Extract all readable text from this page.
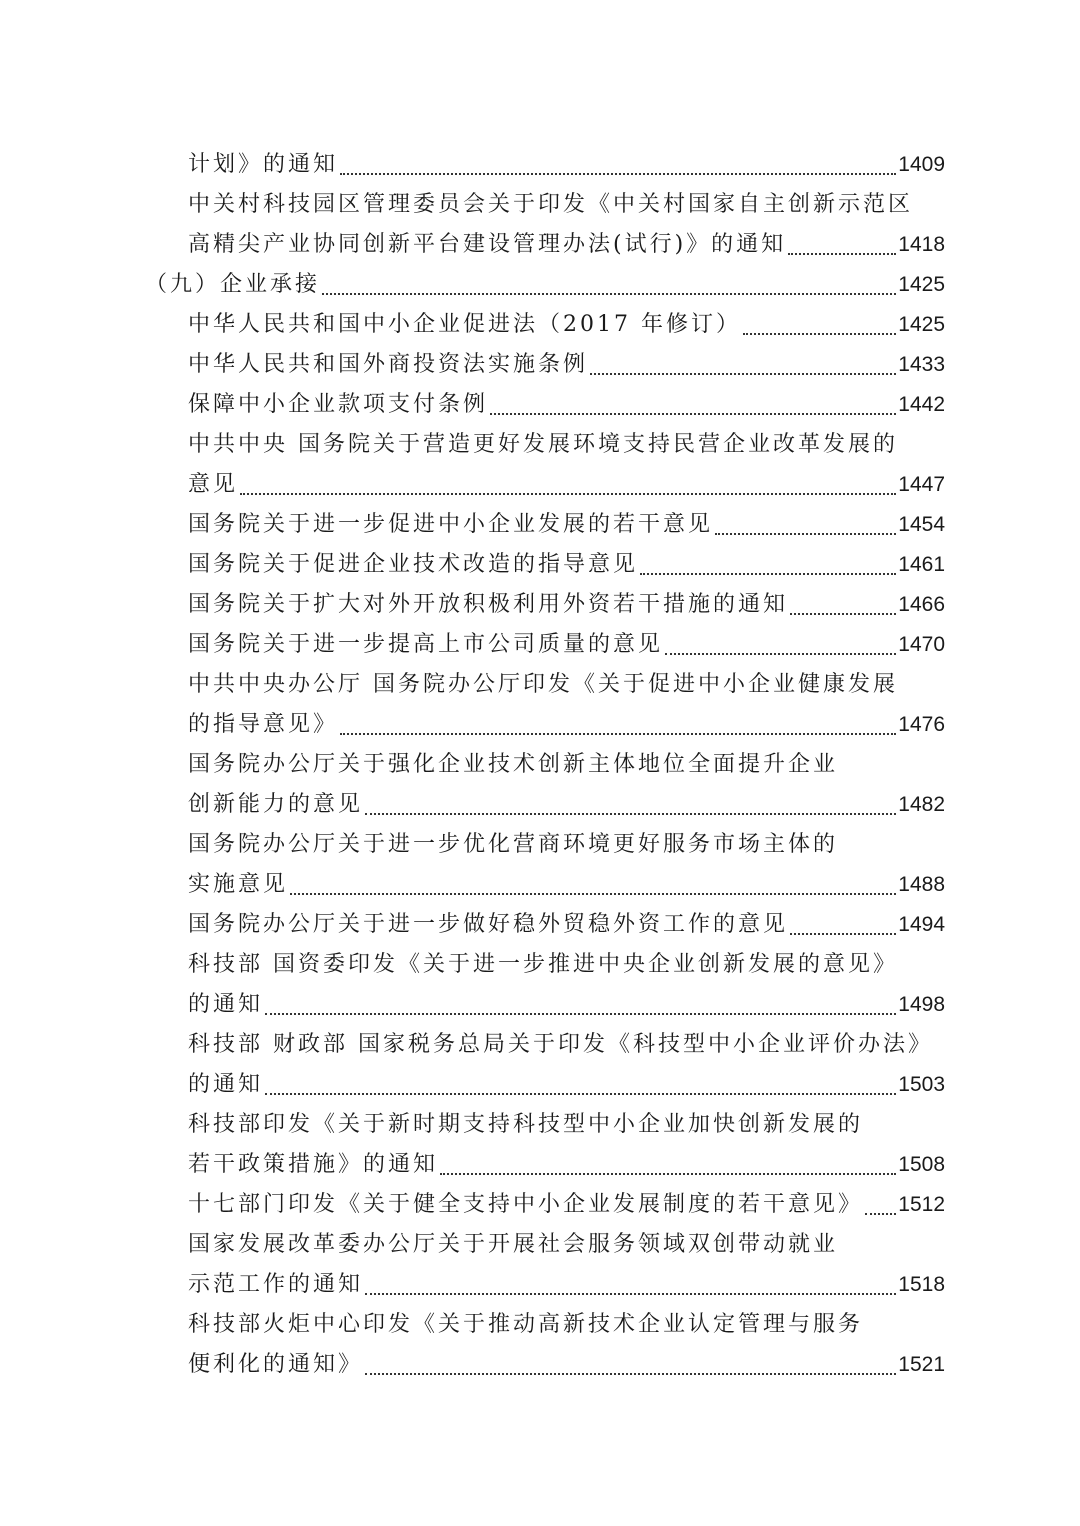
计划》的通知	1409
中关村科技园区管理委员会关于印发《中关村国家自主创新示范区
高精尖产业协同创新平台建设管理办法(试行)》的通知	1418
（九）企业承接	1425
中华人民共和国中小企业促进法（2017 年修订）	1425
中华人民共和国外商投资法实施条例	1433
保障中小企业款项支付条例	1442
中共中央 国务院关于营造更好发展环境支持民营企业改革发展的
意见	1447
国务院关于进一步促进中小企业发展的若干意见	1454
国务院关于促进企业技术改造的指导意见	1461
国务院关于扩大对外开放积极利用外资若干措施的通知	1466
国务院关于进一步提高上市公司质量的意见	1470
中共中央办公厅 国务院办公厅印发《关于促进中小企业健康发展
的指导意见》	1476
国务院办公厅关于强化企业技术创新主体地位全面提升企业
创新能力的意见	1482
国务院办公厅关于进一步优化营商环境更好服务市场主体的
实施意见	1488
国务院办公厅关于进一步做好稳外贸稳外资工作的意见	1494
科技部 国资委印发《关于进一步推进中央企业创新发展的意见》
的通知	1498
科技部 财政部 国家税务总局关于印发《科技型中小企业评价办法》
的通知	1503
科技部印发《关于新时期支持科技型中小企业加快创新发展的
若干政策措施》的通知	1508
十七部门印发《关于健全支持中小企业发展制度的若干意见》 1512
国家发展改革委办公厅关于开展社会服务领域双创带动就业
示范工作的通知	1518
科技部火炬中心印发《关于推动高新技术企业认定管理与服务
便利化的通知》	1521
